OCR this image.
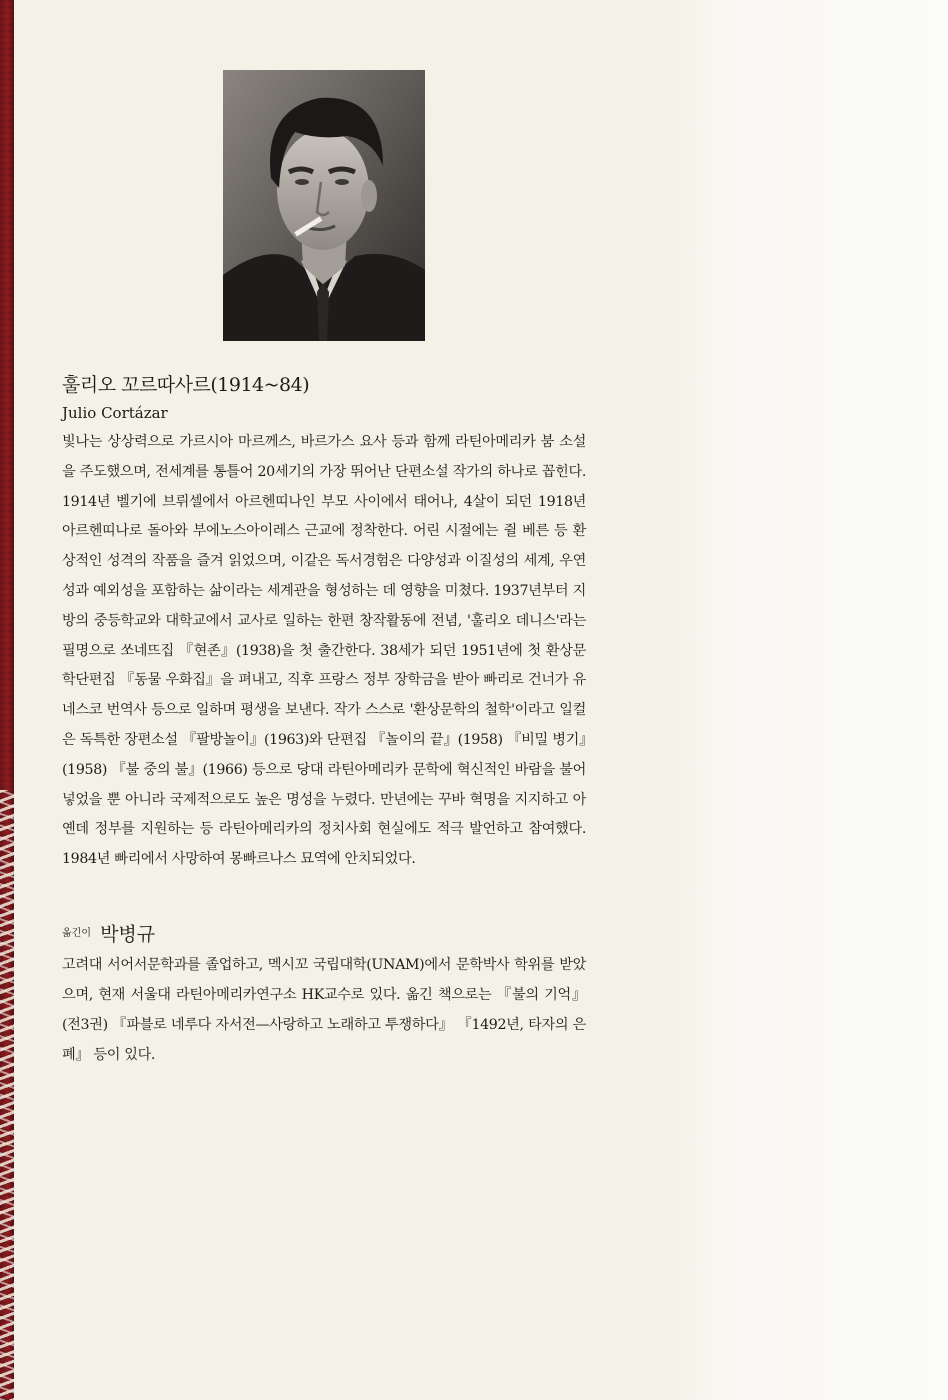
훌리오 꼬르따사르(1914~84)

Julio Cortázar

빛나는 상상력으로 가르시아 마르께스, 바르가스 요사 등과 함께 라틴아메리카 붐 소설을 주도했으며, 전세계를 통틀어 20세기의 가장 뛰어난 단편소설 작가의 하나로 꼽힌다. 1914년 벨기에 브뤼셀에서 아르헨띠나인 부모 사이에서 태어나, 4살이 되던 1918년 아르헨띠나로 돌아와 부에노스아이레스 근교에 정착한다. 어린 시절에는 쥘 베른 등 환상적인 성격의 작품을 즐겨 읽었으며, 이같은 독서경험은 다양성과 이질성의 세계, 우연성과 예외성을 포함하는 삶이라는 세계관을 형성하는 데 영향을 미쳤다. 1937년부터 지방의 중등학교와 대학교에서 교사로 일하는 한편 창작활동에 전념, '훌리오 데니스'라는 필명으로 쏘네뜨집 『현존』(1938)을 첫 출간한다. 38세가 되던 1951년에 첫 환상문학단편집 『동물 우화집』을 펴내고, 직후 프랑스 정부 장학금을 받아 빠리로 건너가 유네스코 번역사 등으로 일하며 평생을 보낸다. 작가 스스로 '환상문학의 철학'이라고 일컬은 독특한 장편소설 『팔방놀이』(1963)와 단편집 『놀이의 끝』(1958) 『비밀 병기』(1958) 『불 중의 불』(1966) 등으로 당대 라틴아메리카 문학에 혁신적인 바람을 불어넣었을 뿐 아니라 국제적으로도 높은 명성을 누렸다. 만년에는 꾸바 혁명을 지지하고 아옌데 정부를 지원하는 등 라틴아메리카의 정치사회 현실에도 적극 발언하고 참여했다. 1984년 빠리에서 사망하여 몽빠르나스 묘역에 안치되었다.

옮긴이 박병규

고려대 서어서문학과를 졸업하고, 멕시꼬 국립대학(UNAM)에서 문학박사 학위를 받았으며, 현재 서울대 라틴아메리카연구소 HK교수로 있다. 옮긴 책으로는 『불의 기억』(전3권) 『파블로 네루다 자서전—사랑하고 노래하고 투쟁하다』 『1492년, 타자의 은폐』 등이 있다.
